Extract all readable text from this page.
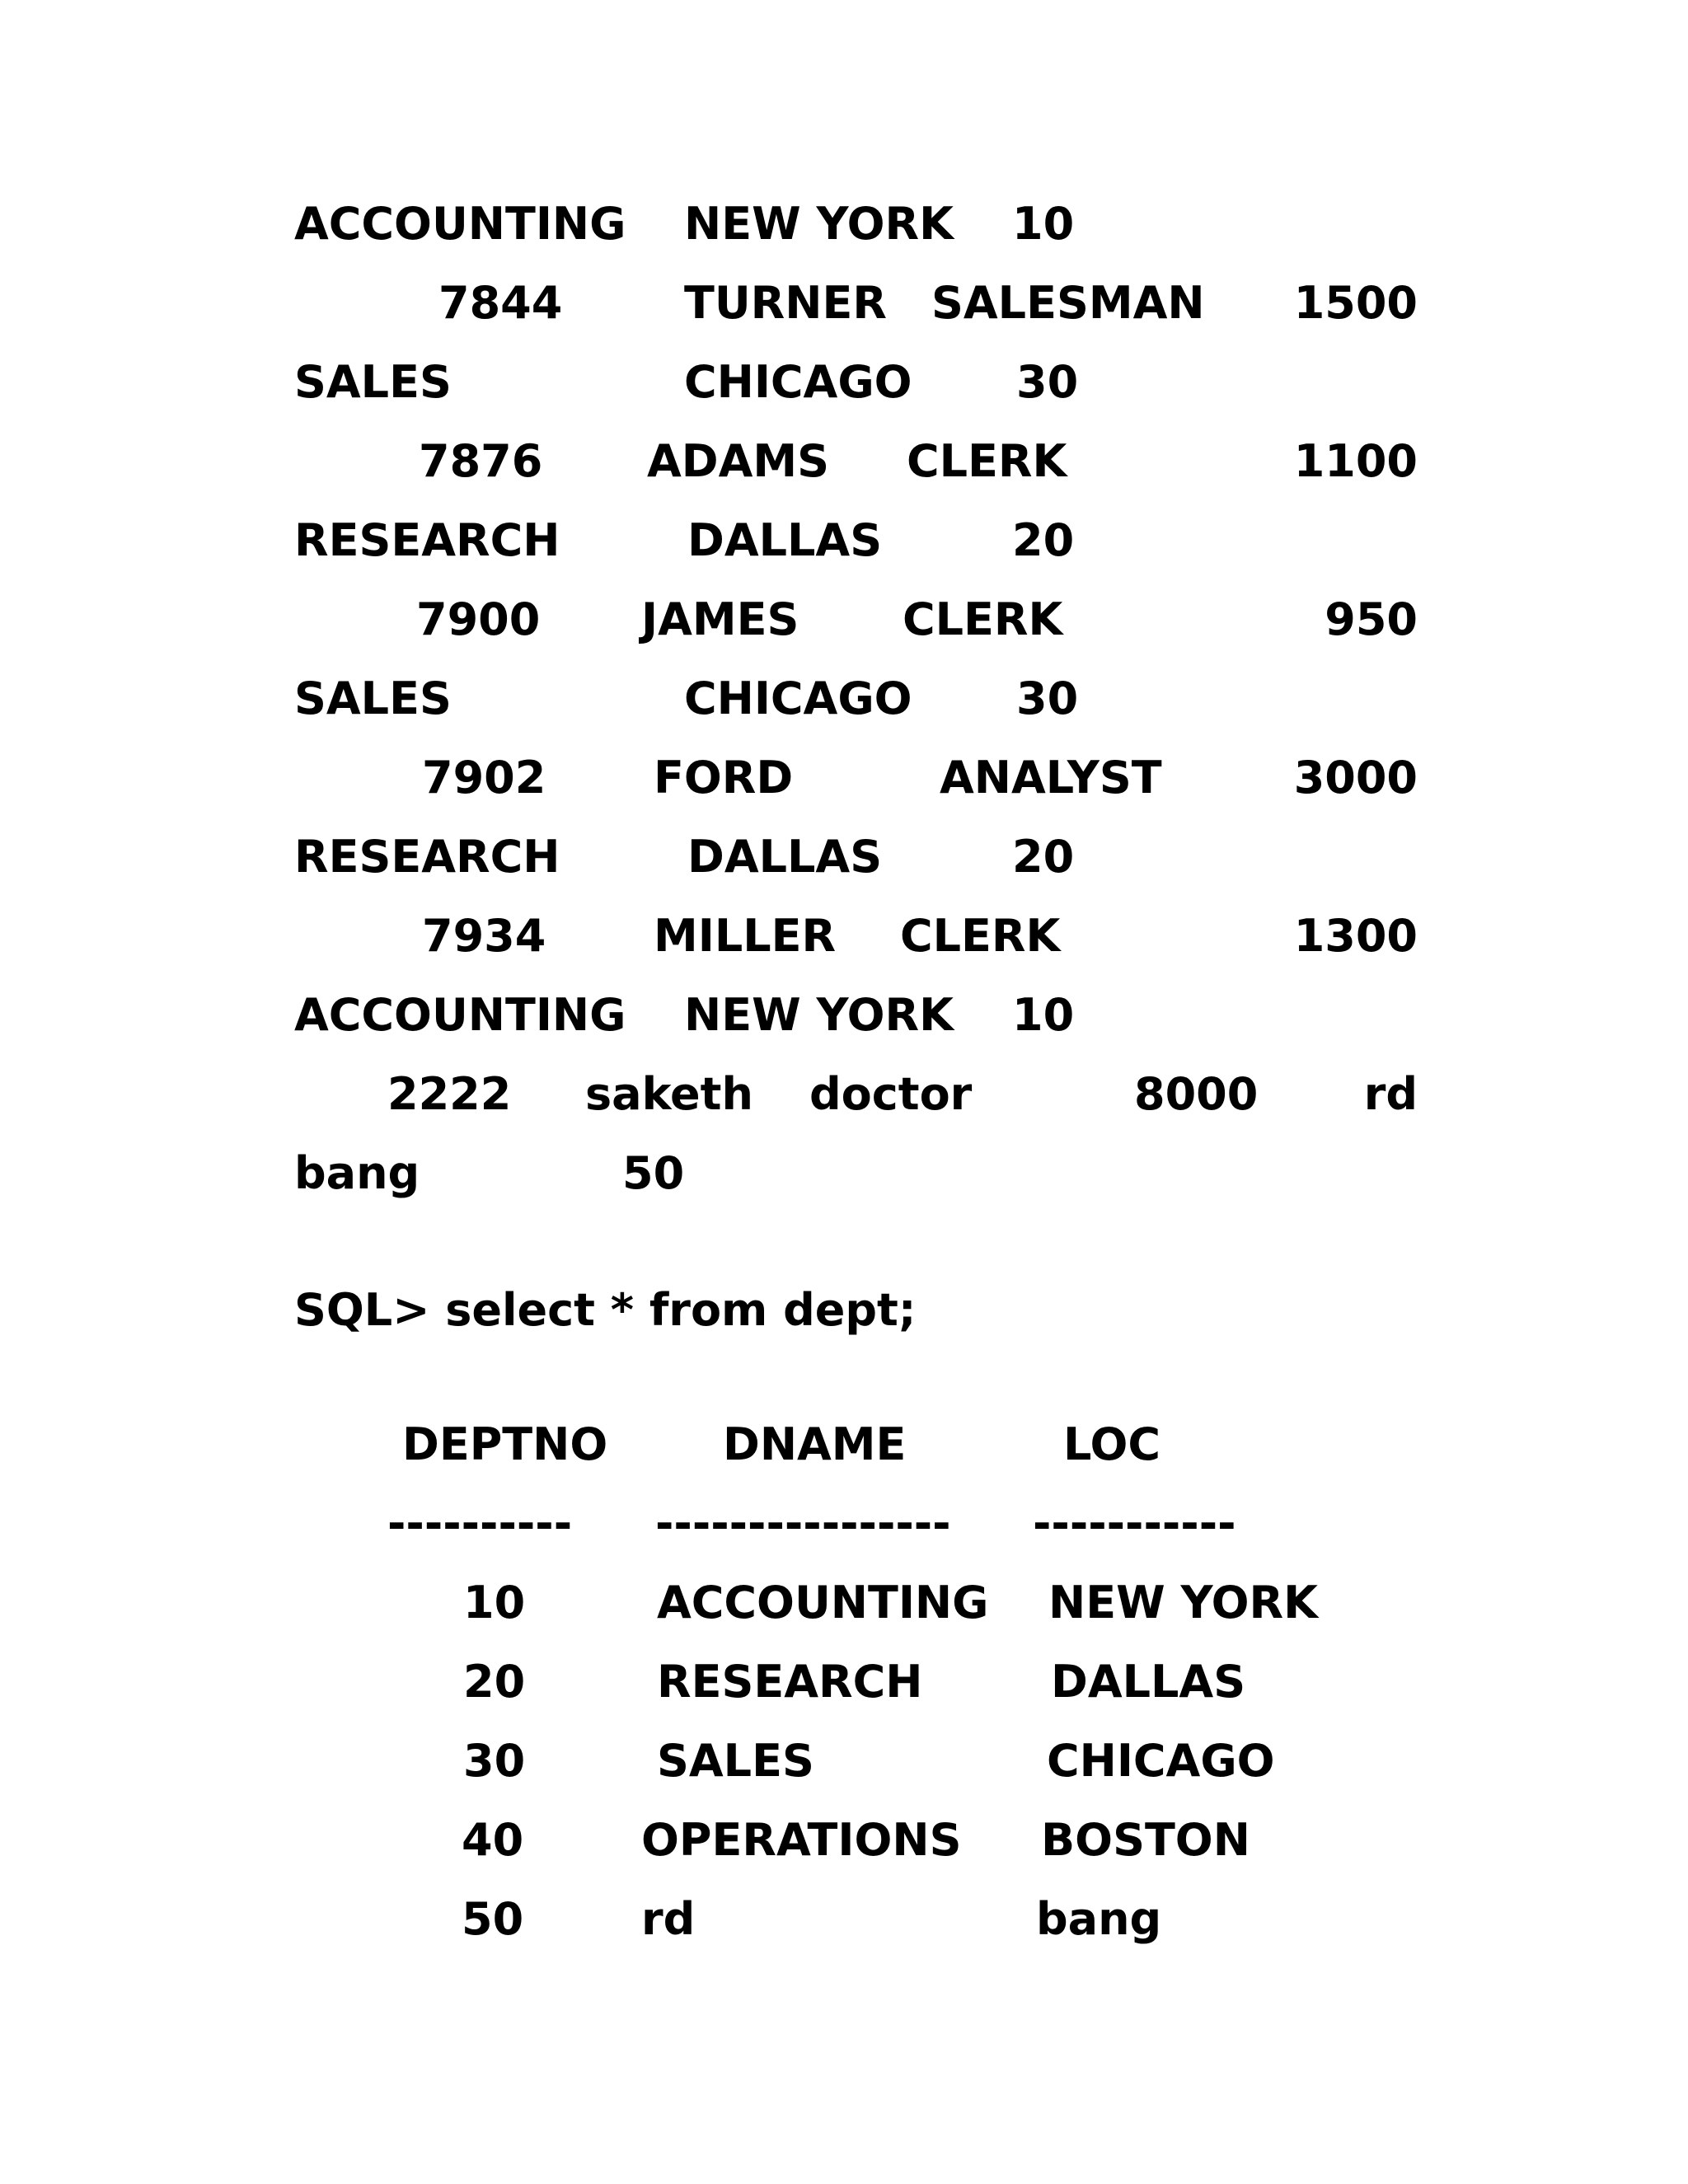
ACCOUNTING NEW YORK 10
7844	TURNER SALESMAN	1500
SALES	CHICAGO 30
7876 ADAMS CLERK	1100
RESEARCH	DALLAS	20
7900 JAMES CLERK	950
SALES	CHICAGO 30
7902 FORD	ANALYST	3000
RESEARCH	DALLAS	20
7934 MILLER CLERK	1300
ACCOUNTING NEW YORK 10
2222 saketh doctor	8000	rd
bang	50
SQL> select * from dept;
DEPTNO	DNAME	LOC
---------- ---------------- -----------
10	ACCOUNTING NEW YORK
20	RESEARCH	DALLAS
30	SALES	CHICAGO
40	OPERATIONS BOSTON
50	rd	bang
